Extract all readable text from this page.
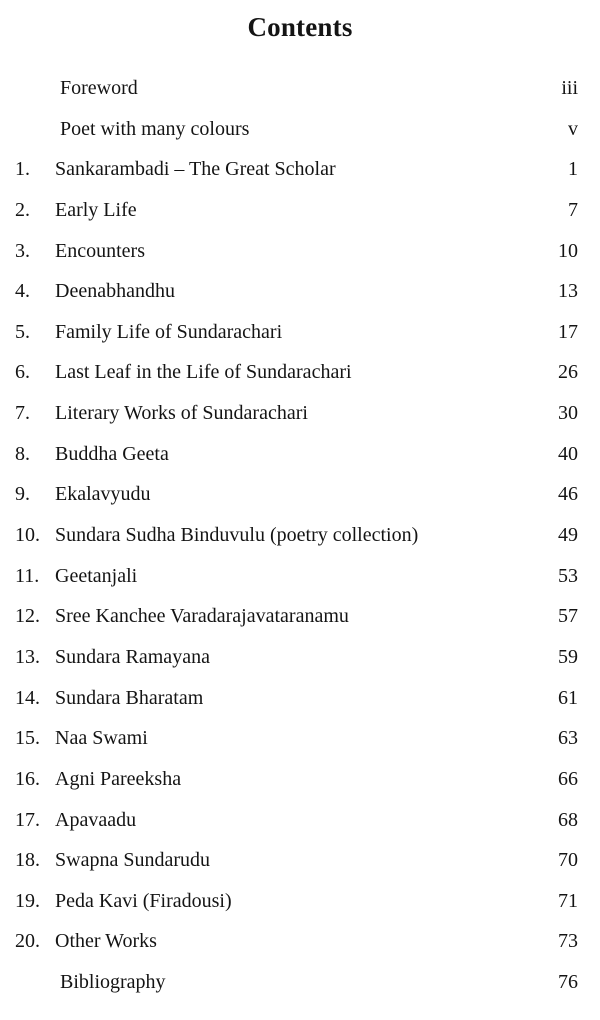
Contents
Foreword	iii
Poet with many colours	v
1. Sankarambadi – The Great Scholar	1
2. Early Life	7
3. Encounters	10
4. Deenabhandhu	13
5. Family Life of Sundarachari	17
6. Last Leaf in the Life of Sundarachari	26
7. Literary Works of Sundarachari	30
8. Buddha Geeta	40
9. Ekalavyudu	46
10. Sundara Sudha Binduvulu (poetry collection)	49
11. Geetanjali	53
12. Sree Kanchee Varadarajavataranamu	57
13. Sundara Ramayana	59
14. Sundara Bharatam	61
15. Naa Swami	63
16. Agni Pareeksha	66
17. Apavaadu	68
18. Swapna Sundarudu	70
19. Peda Kavi (Firadousi)	71
20. Other Works	73
Bibliography	76
